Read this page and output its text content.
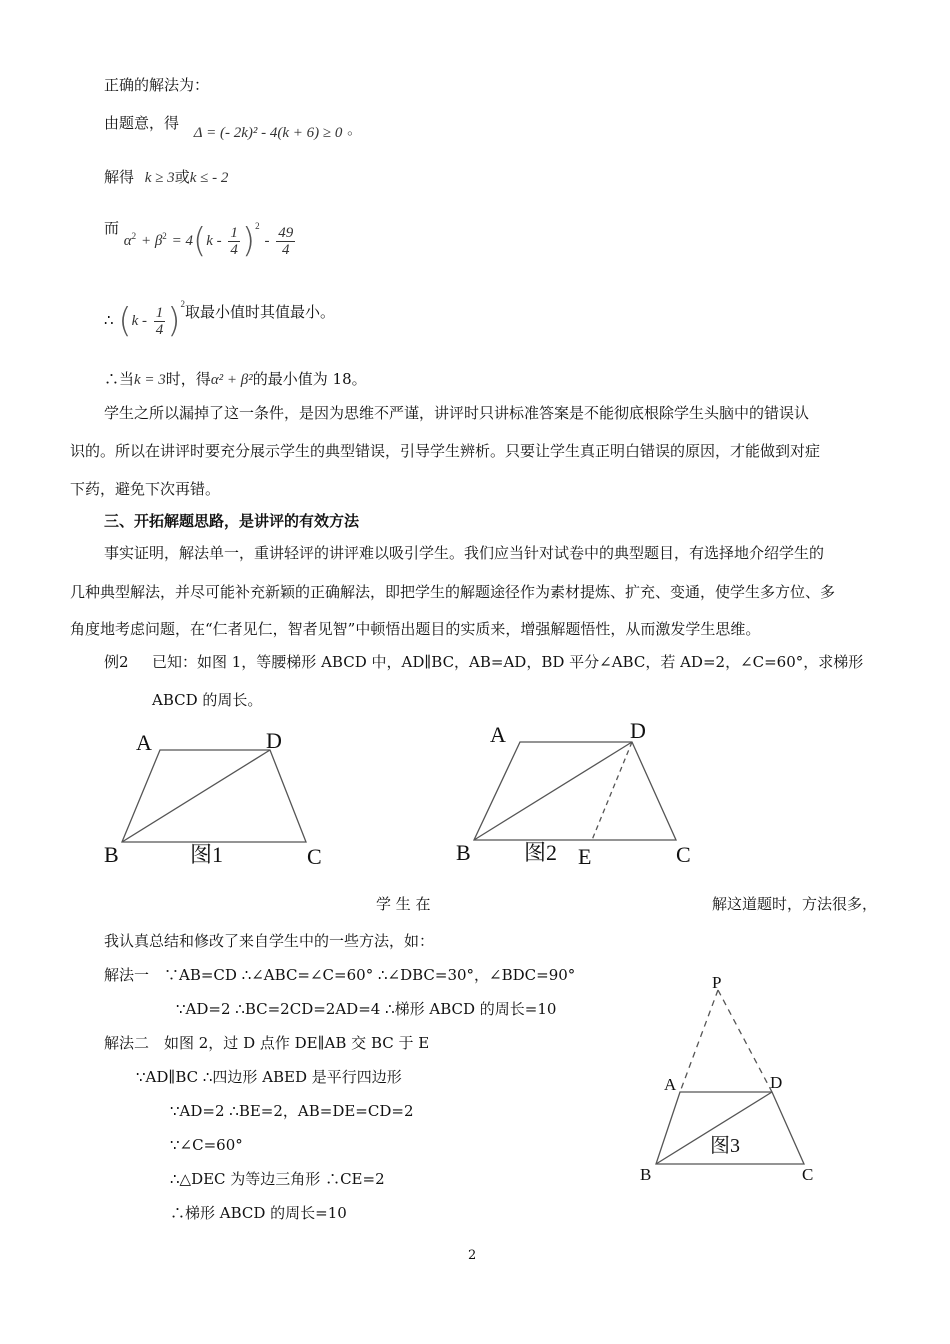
正确的解法为：
由题意，得 Δ = (- 2k)² - 4(k + 6) ≥ 0 。
解得 k ≥ 3或k ≤ - 2
而 $\alpha^2 + \beta^2 = 4(k - \frac{1}{4} )^2 - \frac{49}{4}$
∴ $(k - \frac{1}{4} )^2$取最小值时其值最小。
∴当k = 3时，得α² + β²的最小值为 18。
学生之所以漏掉了这一条件，是因为思维不严谨，讲评时只讲标准答案是不能彻底根除学生头脑中的错误认
识的。所以在讲评时要充分展示学生的典型错误，引导学生辨析。只要让学生真正明白错误的原因，才能做到对症
下药，避免下次再错。
三、开拓解题思路，是讲评的有效方法
事实证明，解法单一，重讲轻评的讲评难以吸引学生。我们应当针对试卷中的典型题目，有选择地介绍学生的
几种典型解法，并尽可能补充新颖的正确解法，即把学生的解题途径作为素材提炼、扩充、变通，使学生多方位、多
角度地考虑问题，在“仁者见仁，智者见智”中顿悟出题目的实质来，增强解题悟性，从而激发学生思维。
例2 已知：如图 1，等腰梯形 ABCD 中，AD∥BC，AB=AD，BD 平分∠ABC，若 AD=2，∠C=60°，求梯形
ABCD 的周长。
A	D
B	C
图1
A	D
B	C
E
图2
学 生 在	解这道题时，方法很多，
我认真总结和修改了来自学生中的一些方法，如：
解法一　∵AB=CD ∴∠ABC=∠C=60° ∴∠DBC=30°，∠BDC=90°
∵AD=2 ∴BC=2CD=2AD=4 ∴梯形 ABCD 的周长=10
解法二　如图 2，过 D 点作 DE∥AB 交 BC 于 E
∵AD∥BC ∴四边形 ABED 是平行四边形
∵AD=2 ∴BE=2，AB=DE=CD=2
∵∠C=60°
∴△DEC 为等边三角形 ∴CE=2
∴梯形 ABCD 的周长=10
P
A	D
B	C
图3
2
